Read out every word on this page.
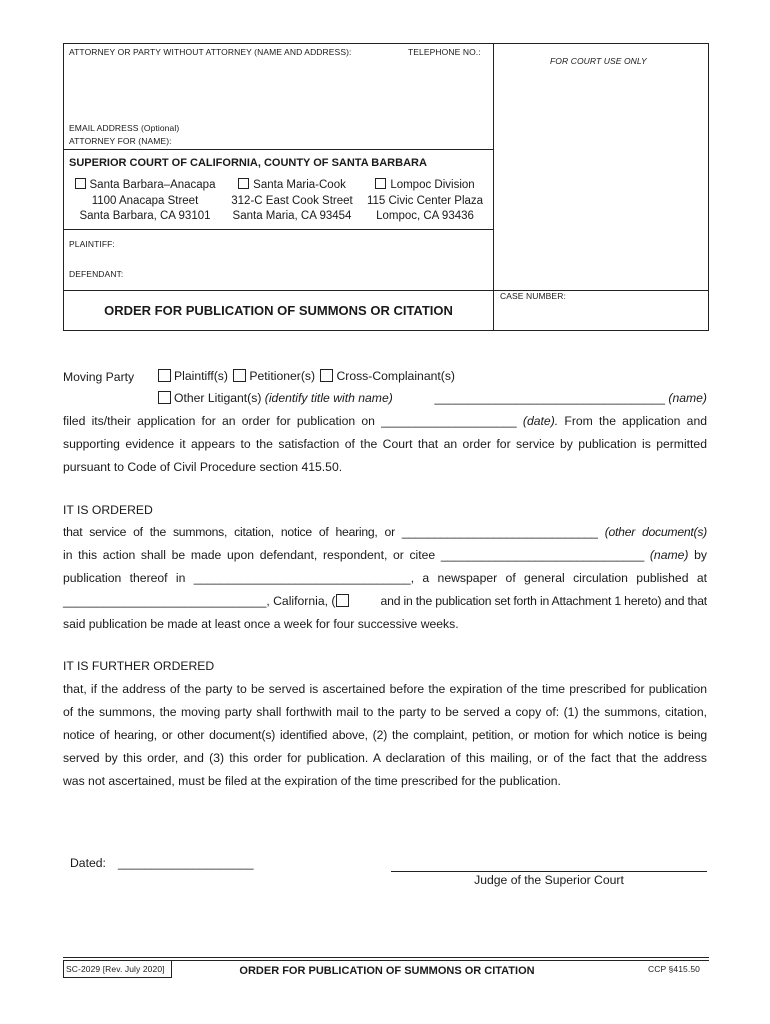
ATTORNEY OR PARTY WITHOUT ATTORNEY (NAME AND ADDRESS):	TELEPHONE NO.:
FOR COURT USE ONLY
EMAIL ADDRESS (Optional)
ATTORNEY FOR (NAME):
SUPERIOR COURT OF CALIFORNIA, COUNTY OF SANTA BARBARA
Santa Barbara–Anacapa
1100 Anacapa Street
Santa Barbara, CA 93101
Santa Maria-Cook
312-C East Cook Street
Santa Maria, CA 93454
Lompoc Division
115 Civic Center Plaza
Lompoc, CA 93436
PLAINTIFF:
DEFENDANT:
CASE NUMBER:
ORDER FOR PUBLICATION OF SUMMONS OR CITATION
Moving Party	Plaintiff(s) Petitioner(s) Cross-Complainant(s)
Other Litigant(s) (identify title with name)	__________________________________ (name)
filed its/their application for an order for publication on ____________________ (date). From the application and
supporting evidence it appears to the satisfaction of the Court that an order for service by publication is permitted
pursuant to Code of Civil Procedure section 415.50.
IT IS ORDERED
that service of the summons, citation, notice of hearing, or ______________________________ (other document(s)
in this action shall be made upon defendant, respondent, or citee ______________________________ (name) by
publication thereof in ________________________________, a newspaper of general circulation published at
______________________________, California, (	and in the publication set forth in Attachment 1 hereto) and that
said publication be made at least once a week for four successive weeks.
IT IS FURTHER ORDERED
that, if the address of the party to be served is ascertained before the expiration of the time prescribed for publication
of the summons, the moving party shall forthwith mail to the party to be served a copy of: (1) the summons, citation,
notice of hearing, or other document(s) identified above, (2) the complaint, petition, or motion for which notice is being
served by this order, and (3) this order for publication. A declaration of this mailing, or of the fact that the address
was not ascertained, must be filed at the expiration of the time prescribed for the publication.
Dated: ____________________
Judge of the Superior Court
SC-2029 [Rev. July 2020]	ORDER FOR PUBLICATION OF SUMMONS OR CITATION	CCP §415.50
